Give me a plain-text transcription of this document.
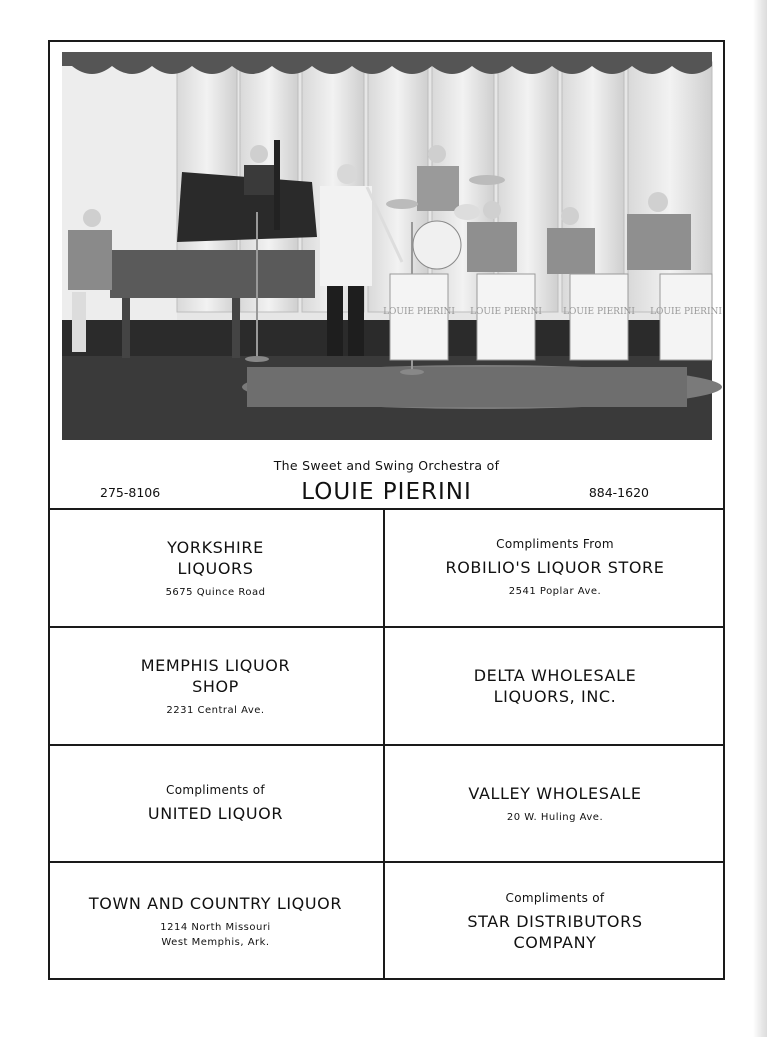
LOUIE PIERINI LOUIE PIERINI LOUIE PIERINI LOUIE PIERINI
The Sweet and Swing Orchestra of
275-8106	LOUIE PIERINI	884-1620
YORKSHIRE
LIQUORS
5675 Quince Road
Compliments From
ROBILIO'S LIQUOR STORE
2541 Poplar Ave.
MEMPHIS LIQUOR
SHOP
2231 Central Ave.
DELTA WHOLESALE
LIQUORS, INC.
Compliments of
UNITED LIQUOR
VALLEY WHOLESALE
20 W. Huling Ave.
TOWN AND COUNTRY LIQUOR
1214 North Missouri
West Memphis, Ark.
Compliments of
STAR DISTRIBUTORS
COMPANY
